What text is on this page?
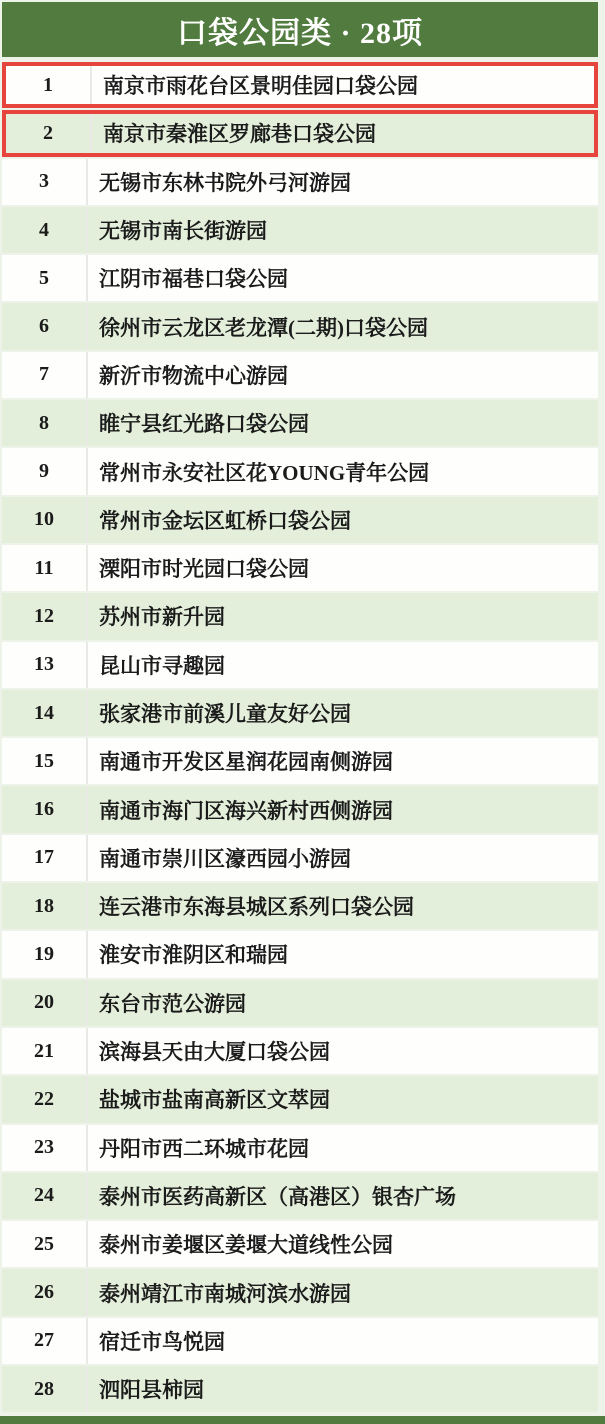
口袋公园类 · 28项
1	南京市雨花台区景明佳园口袋公园
2	南京市秦淮区罗廊巷口袋公园
3	无锡市东林书院外弓河游园
4	无锡市南长街游园
5	江阴市福巷口袋公园
6	徐州市云龙区老龙潭(二期)口袋公园
7	新沂市物流中心游园
8	睢宁县红光路口袋公园
9	常州市永安社区花YOUNG青年公园
10	常州市金坛区虹桥口袋公园
11	溧阳市时光园口袋公园
12	苏州市新升园
13	昆山市寻趣园
14	张家港市前溪儿童友好公园
15	南通市开发区星润花园南侧游园
16	南通市海门区海兴新村西侧游园
17	南通市崇川区濠西园小游园
18	连云港市东海县城区系列口袋公园
19	淮安市淮阴区和瑞园
20	东台市范公游园
21	滨海县天由大厦口袋公园
22	盐城市盐南高新区文萃园
23	丹阳市西二环城市花园
24	泰州市医药高新区（高港区）银杏广场
25	泰州市姜堰区姜堰大道线性公园
26	泰州靖江市南城河滨水游园
27	宿迁市鸟悦园
28	泗阳县柿园
